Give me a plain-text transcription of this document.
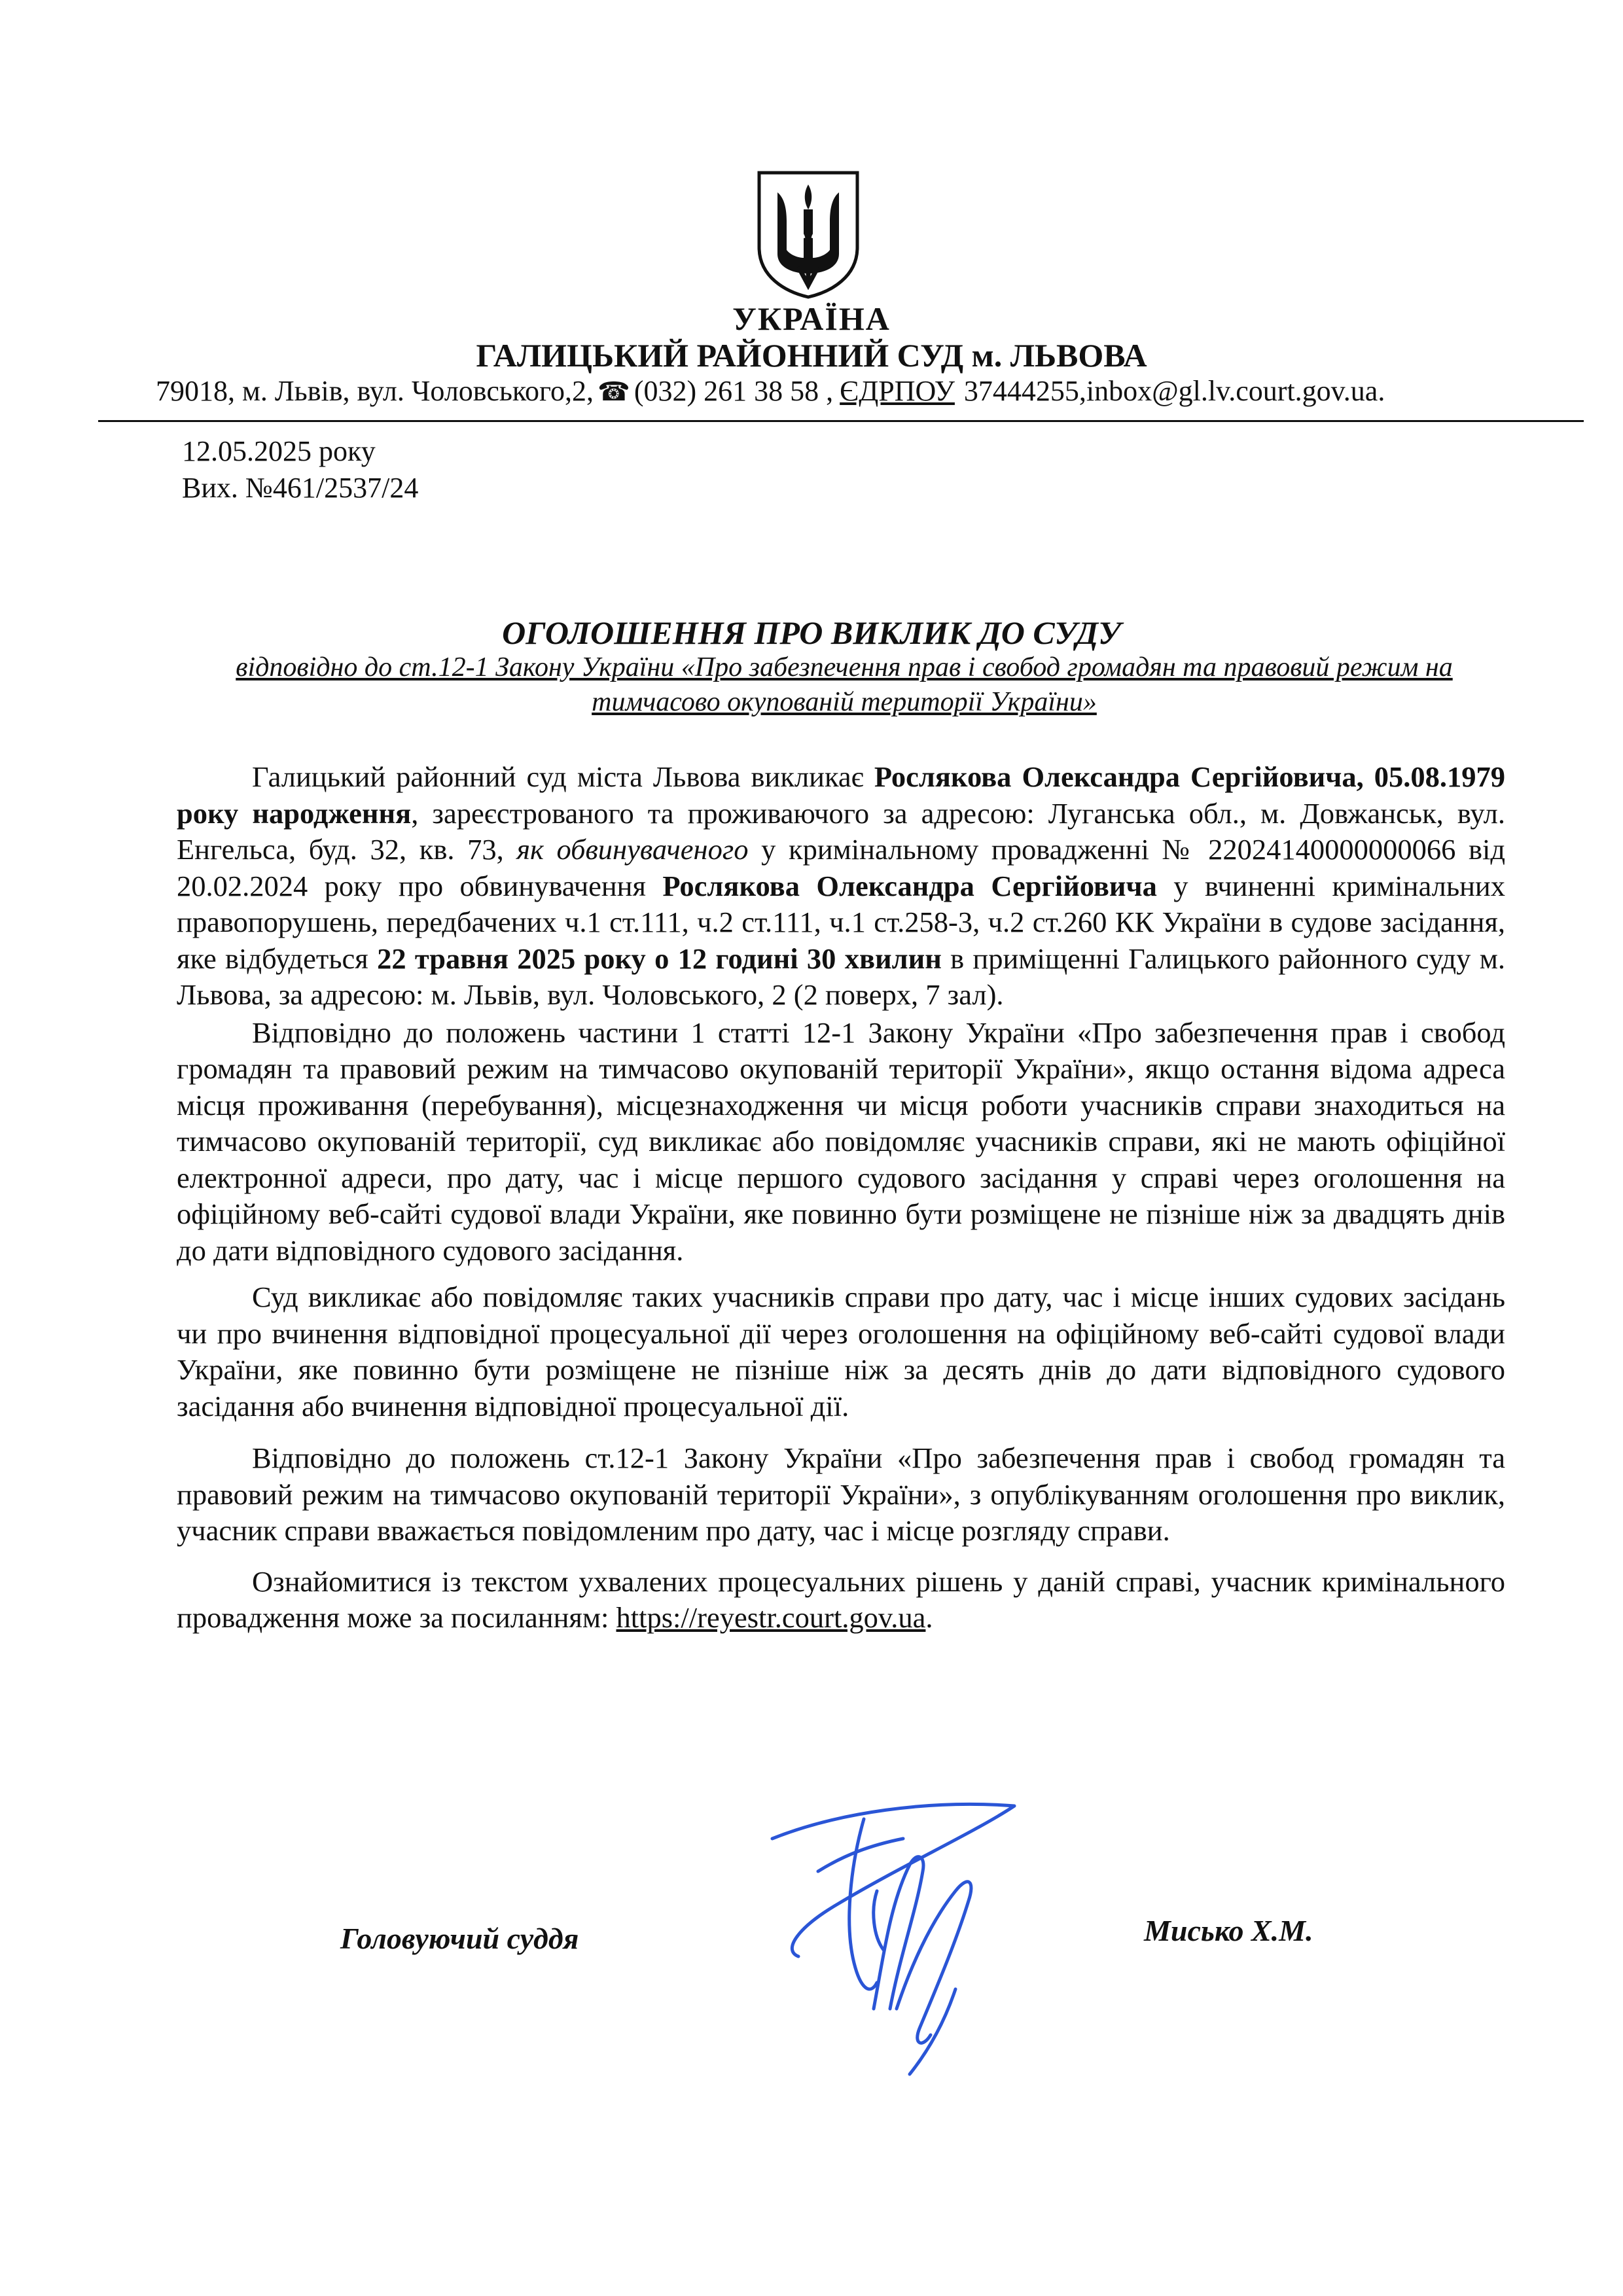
УКРАЇНА
ГАЛИЦЬКИЙ РАЙОННИЙ СУД м. ЛЬВОВА
79018, м. Львів, вул. Чоловського,2, ☎ (032) 261 38 58 , ЄДРПОУ 37444255,inbox@gl.lv.court.gov.ua.
12.05.2025 року
Вих. №461/2537/24
ОГОЛОШЕННЯ ПРО ВИКЛИК ДО СУДУ
відповідно до ст.12-1 Закону України «Про забезпечення прав і свобод громадян та правовий режим на тимчасово окупованій території України»

Галицький районний суд міста Львова викликає Рослякова Олександра Сергійовича, 05.08.1979 року народження, зареєстрованого та проживаючого за адресою: Луганська обл., м. Довжанськ, вул. Енгельса, буд. 32, кв. 73, як обвинуваченого у кримінальному провадженні № 22024140000000066 від 20.02.2024 року про обвинувачення Рослякова Олександра Сергійовича у вчиненні кримінальних правопорушень, передбачених ч.1 ст.111, ч.2 ст.111, ч.1 ст.258-3, ч.2 ст.260 КК України в судове засідання, яке відбудеться 22 травня 2025 року о 12 годині 30 хвилин в приміщенні Галицького районного суду м. Львова, за адресою: м. Львів, вул. Чоловського, 2 (2 поверх, 7 зал).

Відповідно до положень частини 1 статті 12-1 Закону України «Про забезпечення прав і свобод громадян та правовий режим на тимчасово окупованій території України», якщо остання відома адреса місця проживання (перебування), місцезнаходження чи місця роботи учасників справи знаходиться на тимчасово окупованій території, суд викликає або повідомляє учасників справи, які не мають офіційної електронної адреси, про дату, час і місце першого судового засідання у справі через оголошення на офіційному веб-сайті судової влади України, яке повинно бути розміщене не пізніше ніж за двадцять днів до дати відповідного судового засідання.

Суд викликає або повідомляє таких учасників справи про дату, час і місце інших судових засідань чи про вчинення відповідної процесуальної дії через оголошення на офіційному веб-сайті судової влади України, яке повинно бути розміщене не пізніше ніж за десять днів до дати відповідного судового засідання або вчинення відповідної процесуальної дії.

Відповідно до положень ст.12-1 Закону України «Про забезпечення прав і свобод громадян та правовий режим на тимчасово окупованій території України», з опублікуванням оголошення про виклик, учасник справи вважається повідомленим про дату, час і місце розгляду справи.

Ознайомитися із текстом ухвалених процесуальних рішень у даній справі, учасник кримінального провадження може за посиланням: https://reyestr.court.gov.ua.

Головуючий суддя	Мисько Х.М.
